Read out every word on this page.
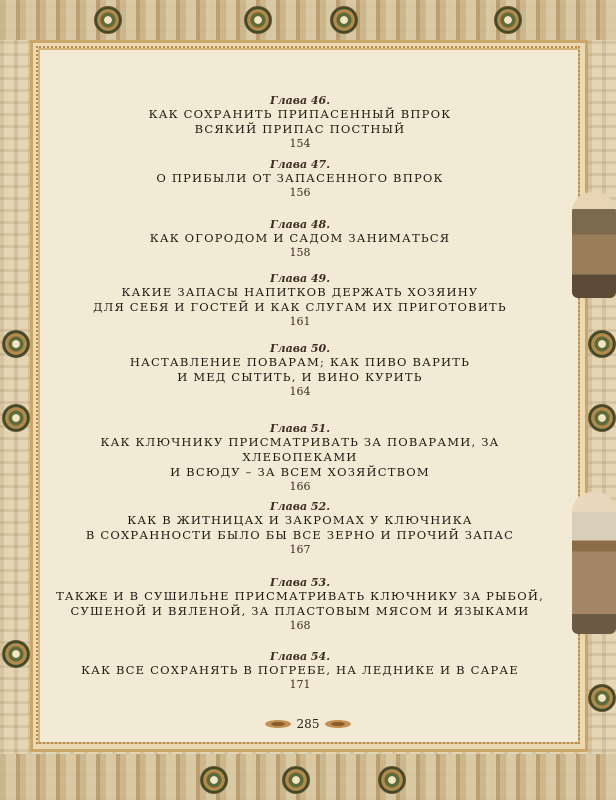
Глава 46.
КАК СОХРАНИТЬ ПРИПАСЕННЫЙ ВПРОК
ВСЯКИЙ ПРИПАС ПОСТНЫЙ
154
Глава 47.
О ПРИБЫЛИ ОТ ЗАПАСЕННОГО ВПРОК
156
Глава 48.
КАК ОГОРОДОМ И САДОМ ЗАНИМАТЬСЯ
158
Глава 49.
КАКИЕ ЗАПАСЫ НАПИТКОВ ДЕРЖАТЬ ХОЗЯИНУ
ДЛЯ СЕБЯ И ГОСТЕЙ И КАК СЛУГАМ ИХ ПРИГОТОВИТЬ
161
Глава 50.
НАСТАВЛЕНИЕ ПОВАРАМ; КАК ПИВО ВАРИТЬ
И МЕД СЫТИТЬ, И ВИНО КУРИТЬ
164
Глава 51.
КАК КЛЮЧНИКУ ПРИСМАТРИВАТЬ ЗА ПОВАРАМИ, ЗА ХЛЕБОПЕКАМИ
И ВСЮДУ – ЗА ВСЕМ ХОЗЯЙСТВОМ
166
Глава 52.
КАК В ЖИТНИЦАХ И ЗАКРОМАХ У КЛЮЧНИКА
В СОХРАННОСТИ БЫЛО БЫ ВСЕ ЗЕРНО И ПРОЧИЙ ЗАПАС
167
Глава 53.
ТАКЖЕ И В СУШИЛЬНЕ ПРИСМАТРИВАТЬ КЛЮЧНИКУ ЗА РЫБОЙ,
СУШЕНОЙ И ВЯЛЕНОЙ, ЗА ПЛАСТОВЫМ МЯСОМ И ЯЗЫКАМИ
168
Глава 54.
КАК ВСЕ СОХРАНЯТЬ В ПОГРЕБЕ, НА ЛЕДНИКЕ И В САРАЕ
171
285
